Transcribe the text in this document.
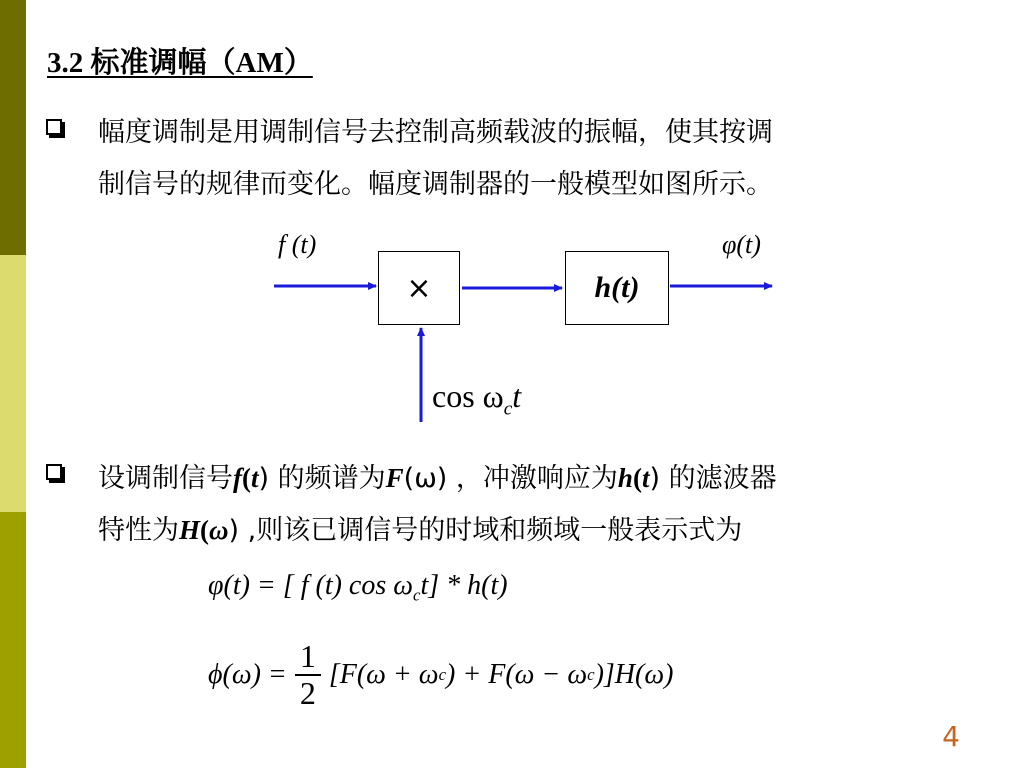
3.2 标准调幅（AM）
幅度调制是用调制信号去控制高频载波的振幅，使其按调
制信号的规律而变化。幅度调制器的一般模型如图所示。
×	h(t)
f (t)	φ(t)
$\cos \omega_ct$
设调制信号f(t) 的频谱为F(ω) ，冲激响应为h(t) 的滤波器
特性为H(ω) ,则该已调信号的时域和频域一般表示式为
φ(t) = [ f (t) $\cos \omega_ct] * h(t)$
ϕ(ω) =
1
2
[F(ω + ω c ) + F(ω − ω c )]H(ω)
4
